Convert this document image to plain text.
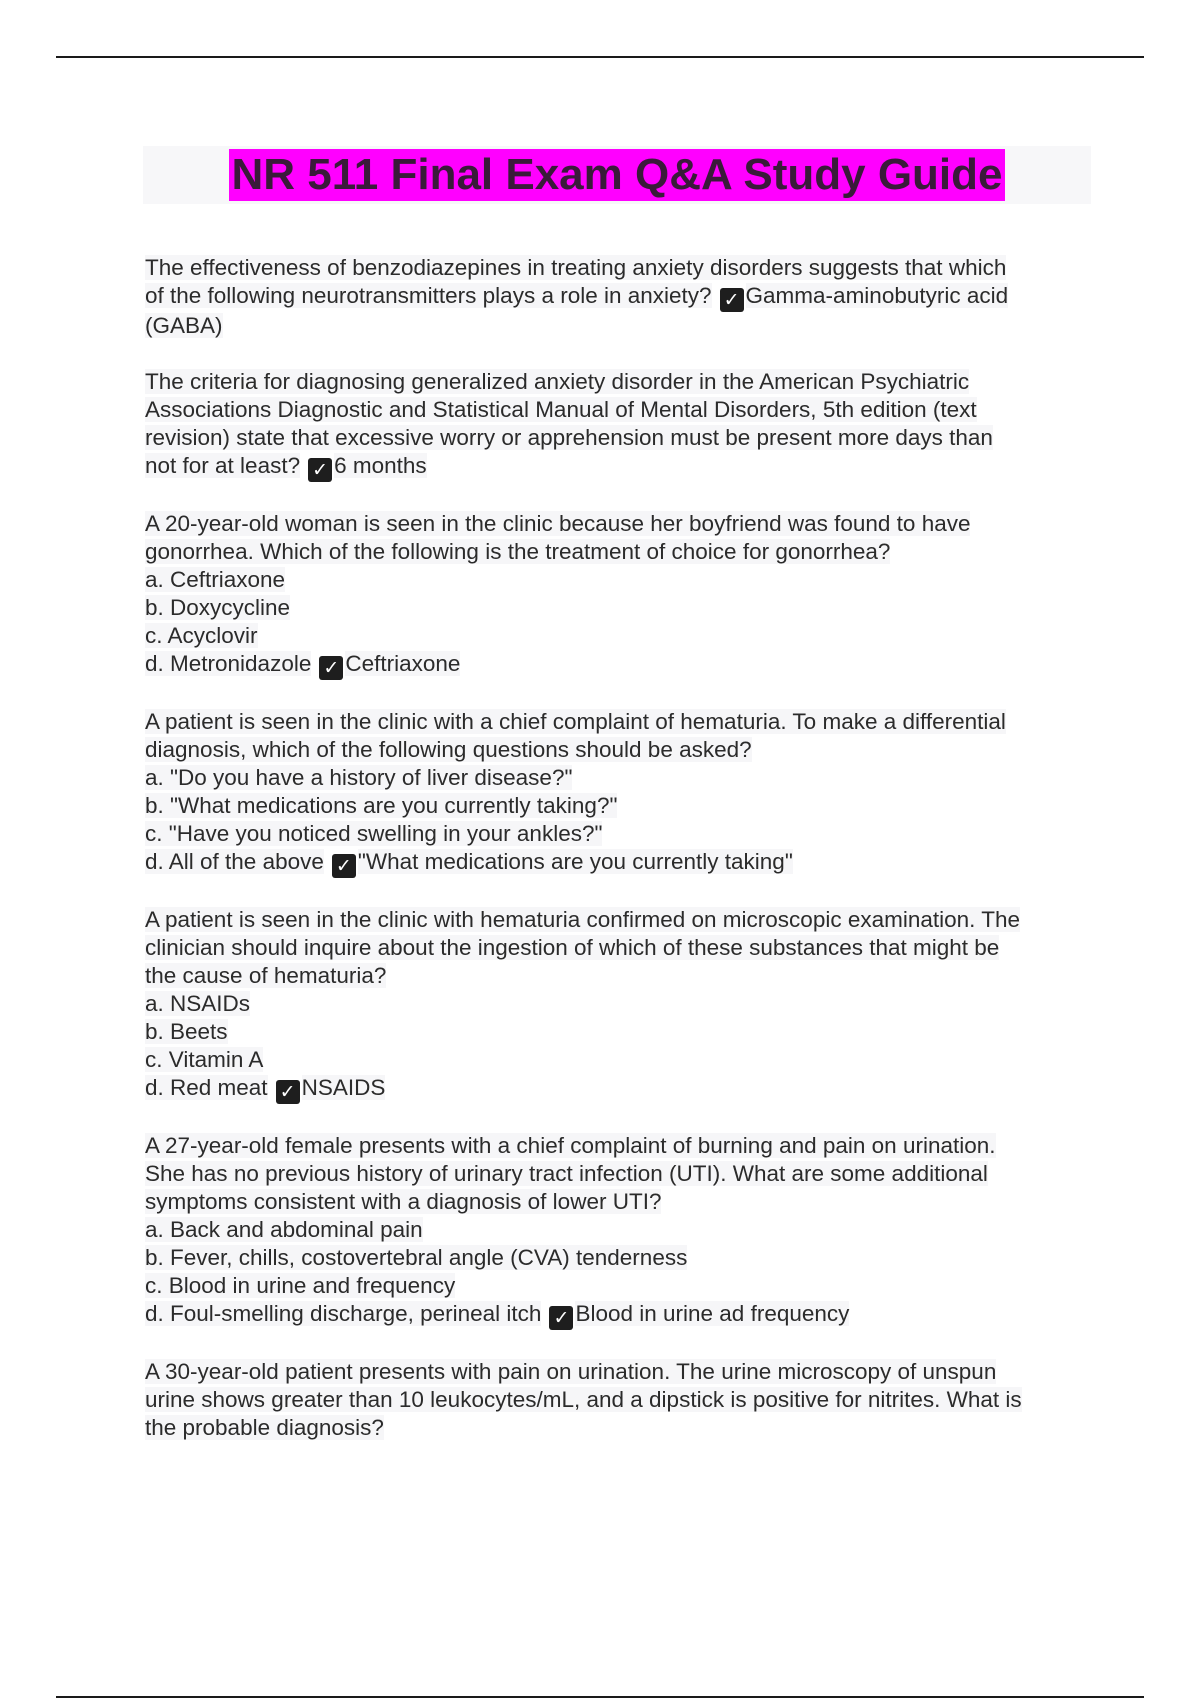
NR 511 Final Exam Q&A Study Guide
The effectiveness of benzodiazepines in treating anxiety disorders suggests that which
of the following neurotransmitters plays a role in anxiety? ✓ Gamma-aminobutyric acid
(GABA)
The criteria for diagnosing generalized anxiety disorder in the American Psychiatric
Associations Diagnostic and Statistical Manual of Mental Disorders, 5th edition (text
revision) state that excessive worry or apprehension must be present more days than
not for at least? ✓ 6 months
A 20-year-old woman is seen in the clinic because her boyfriend was found to have
gonorrhea. Which of the following is the treatment of choice for gonorrhea?
a. Ceftriaxone
b. Doxycycline
c. Acyclovir
d. Metronidazole ✓ Ceftriaxone
A patient is seen in the clinic with a chief complaint of hematuria. To make a differential
diagnosis, which of the following questions should be asked?
a. "Do you have a history of liver disease?"
b. "What medications are you currently taking?"
c. "Have you noticed swelling in your ankles?"
d. All of the above ✓ "What medications are you currently taking"
A patient is seen in the clinic with hematuria confirmed on microscopic examination. The
clinician should inquire about the ingestion of which of these substances that might be
the cause of hematuria?
a. NSAIDs
b. Beets
c. Vitamin A
d. Red meat ✓ NSAIDS
A 27-year-old female presents with a chief complaint of burning and pain on urination.
She has no previous history of urinary tract infection (UTI). What are some additional
symptoms consistent with a diagnosis of lower UTI?
a. Back and abdominal pain
b. Fever, chills, costovertebral angle (CVA) tenderness
c. Blood in urine and frequency
d. Foul-smelling discharge, perineal itch ✓ Blood in urine ad frequency
A 30-year-old patient presents with pain on urination. The urine microscopy of unspun
urine shows greater than 10 leukocytes/mL, and a dipstick is positive for nitrites. What is
the probable diagnosis?
